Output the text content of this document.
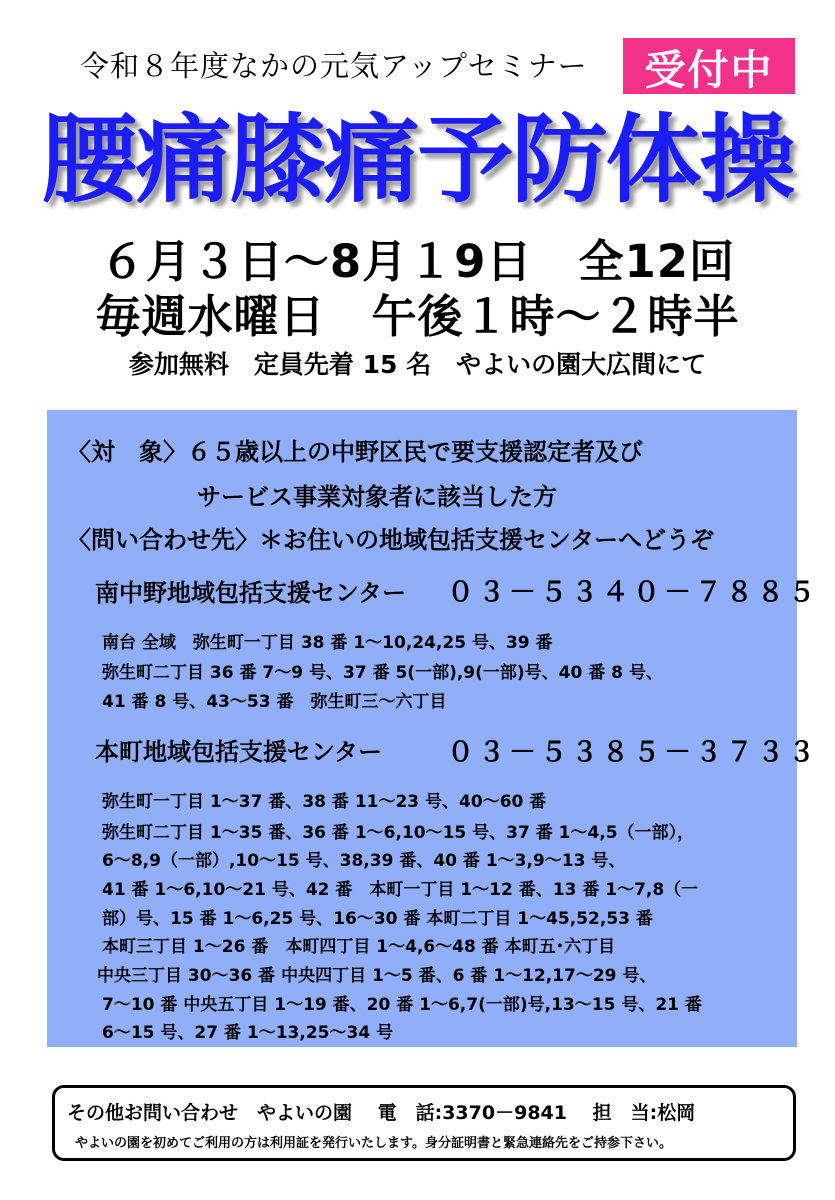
令和８年度なかの元気アップセミナー	受付中
腰痛膝痛予防体操
６月３日～8月１9日　全12回
毎週水曜日　午後１時～２時半
参加無料　定員先着 15 名　やよいの園大広間にて
〈対　象〉６５歳以上の中野区民で要支援認定者及び
サービス事業対象者に該当した方
〈問い合わせ先〉＊お住いの地域包括支援センターへどうぞ
南中野地域包括支援センター ０３－５３４０－７８８５
南台 全域　弥生町一丁目 38 番 1～10,24,25 号、39 番
弥生町二丁目 36 番 7～9 号、37 番 5(一部),9(一部)号、40 番 8 号、
41 番 8 号、43～53 番　弥生町三～六丁目
本町地域包括支援センター ０３－５３８５－３７３３
弥生町一丁目 1～37 番、38 番 11～23 号、40～60 番
弥生町二丁目 1～35 番、36 番 1～6,10～15 号、37 番 1～4,5（一部），
6～8,9（一部）,10～15 号、38,39 番、40 番 1～3,9～13 号、
41 番 1～6,10～21 号、42 番　本町一丁目 1～12 番、13 番 1～7,8（一
部）号、15 番 1～6,25 号、16～30 番 本町二丁目 1～45,52,53 番
本町三丁目 1～26 番　本町四丁目 1～4,6～48 番 本町五･六丁目
中央三丁目 30～36 番 中央四丁目 1～5 番、6 番 1～12,17～29 号、
7～10 番 中央五丁目 1～19 番、20 番 1～6,7(一部)号,13～15 号、21 番
6～15 号、27 番 1～13,25～34 号
その他お問い合わせ　やよいの園　 電　話:3370－9841　 担　当:松岡
やよいの園を初めてご利用の方は利用証を発行いたします。身分証明書と緊急連絡先をご持参下さい。
